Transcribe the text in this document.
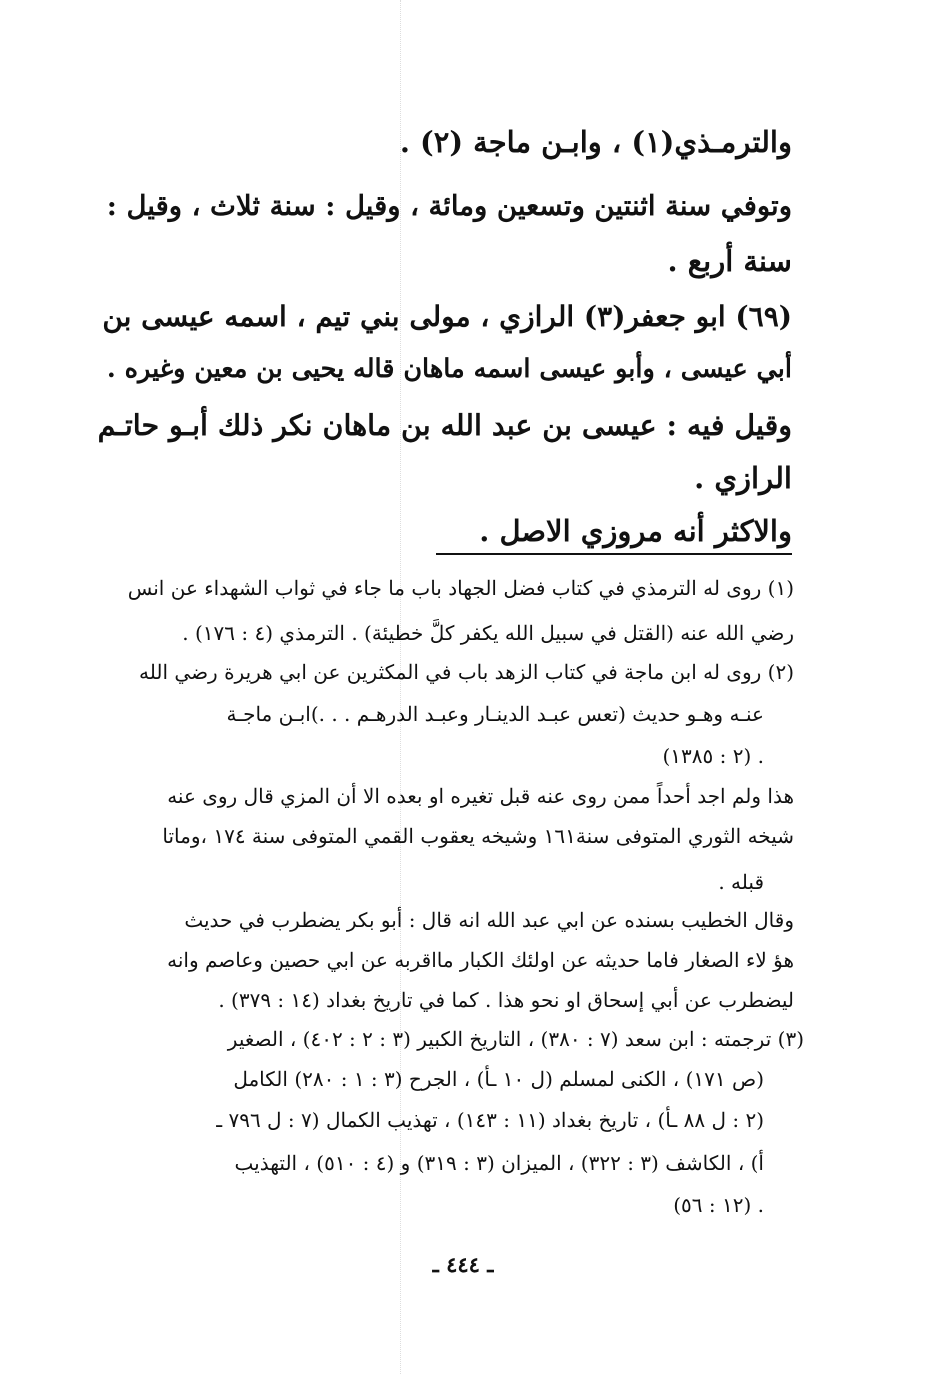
والترمـذي(١) ، وابـن ماجة (٢) .
وتوفي سنة اثنتين وتسعين ومائة ، وقيل : سنة ثلاث ، وقيل :
سنة أربع .
(٦٩) ابو جعفر(٣) الرازي ، مولى بني تيم ، اسمه عيسى بن
أبي عيسى ، وأبو عيسى اسمه ماهان قاله يحيى بن معين وغيره .
وقيل فيه : عيسى بن عبد الله بن ماهان نكر ذلك أبـو حاتـم
الرازي .
والاكثر أنه مروزي الاصل .
(١) روى له الترمذي في كتاب فضل الجهاد باب ما جاء في ثواب الشهداء عن انس
رضي الله عنه (القتل في سبيل الله يكفر كلَّ خطيئة) . الترمذي (٤ : ١٧٦) .
(٢) روى له ابن ماجة في كتاب الزهد باب في المكثرين عن ابي هريرة رضي الله
عنـه وهـو حديث (تعس عبـد الدينـار وعبـد الدرهـم . . .)ابـن ماجـة
(٢ : ١٣٨٥) .
هذا ولم اجد أحداً ممن روى عنه قبل تغيره او بعده الا أن المزي قال روى عنه
شيخه الثوري المتوفى سنة١٦١ وشيخه يعقوب القمي المتوفى سنة ١٧٤ ،وماتا
قبله .
وقال الخطيب بسنده عن ابي عبد الله انه قال : أبو بكر يضطرب في حديث
هؤ لاء الصغار فاما حديثه عن اولئك الكبار مااقربه عن ابي حصين وعاصم وانه
ليضطرب عن أبي إسحاق او نحو هذا . كما في تاريخ بغداد (١٤ : ٣٧٩) .
(٣) ترجمته : ابن سعد (٧ : ٣٨٠) ، التاريخ الكبير (٣ : ٢ : ٤٠٢) ، الصغير
(ص ١٧١) ، الكنى لمسلم (ل ١٠ ـأ) ، الجرح (٣ : ١ : ٢٨٠) الكامل
(٢ : ل ٨٨ ـأ) ، تاريخ بغداد (١١ : ١٤٣) ، تهذيب الكمال (٧ : ل ٧٩٦ ـ
أ) ، الكاشف (٣ : ٣٢٢) ، الميزان (٣ : ٣١٩) و (٤ : ٥١٠) ، التهذيب
(١٢ : ٥٦) .
ـ ٤٤٤ ـ
